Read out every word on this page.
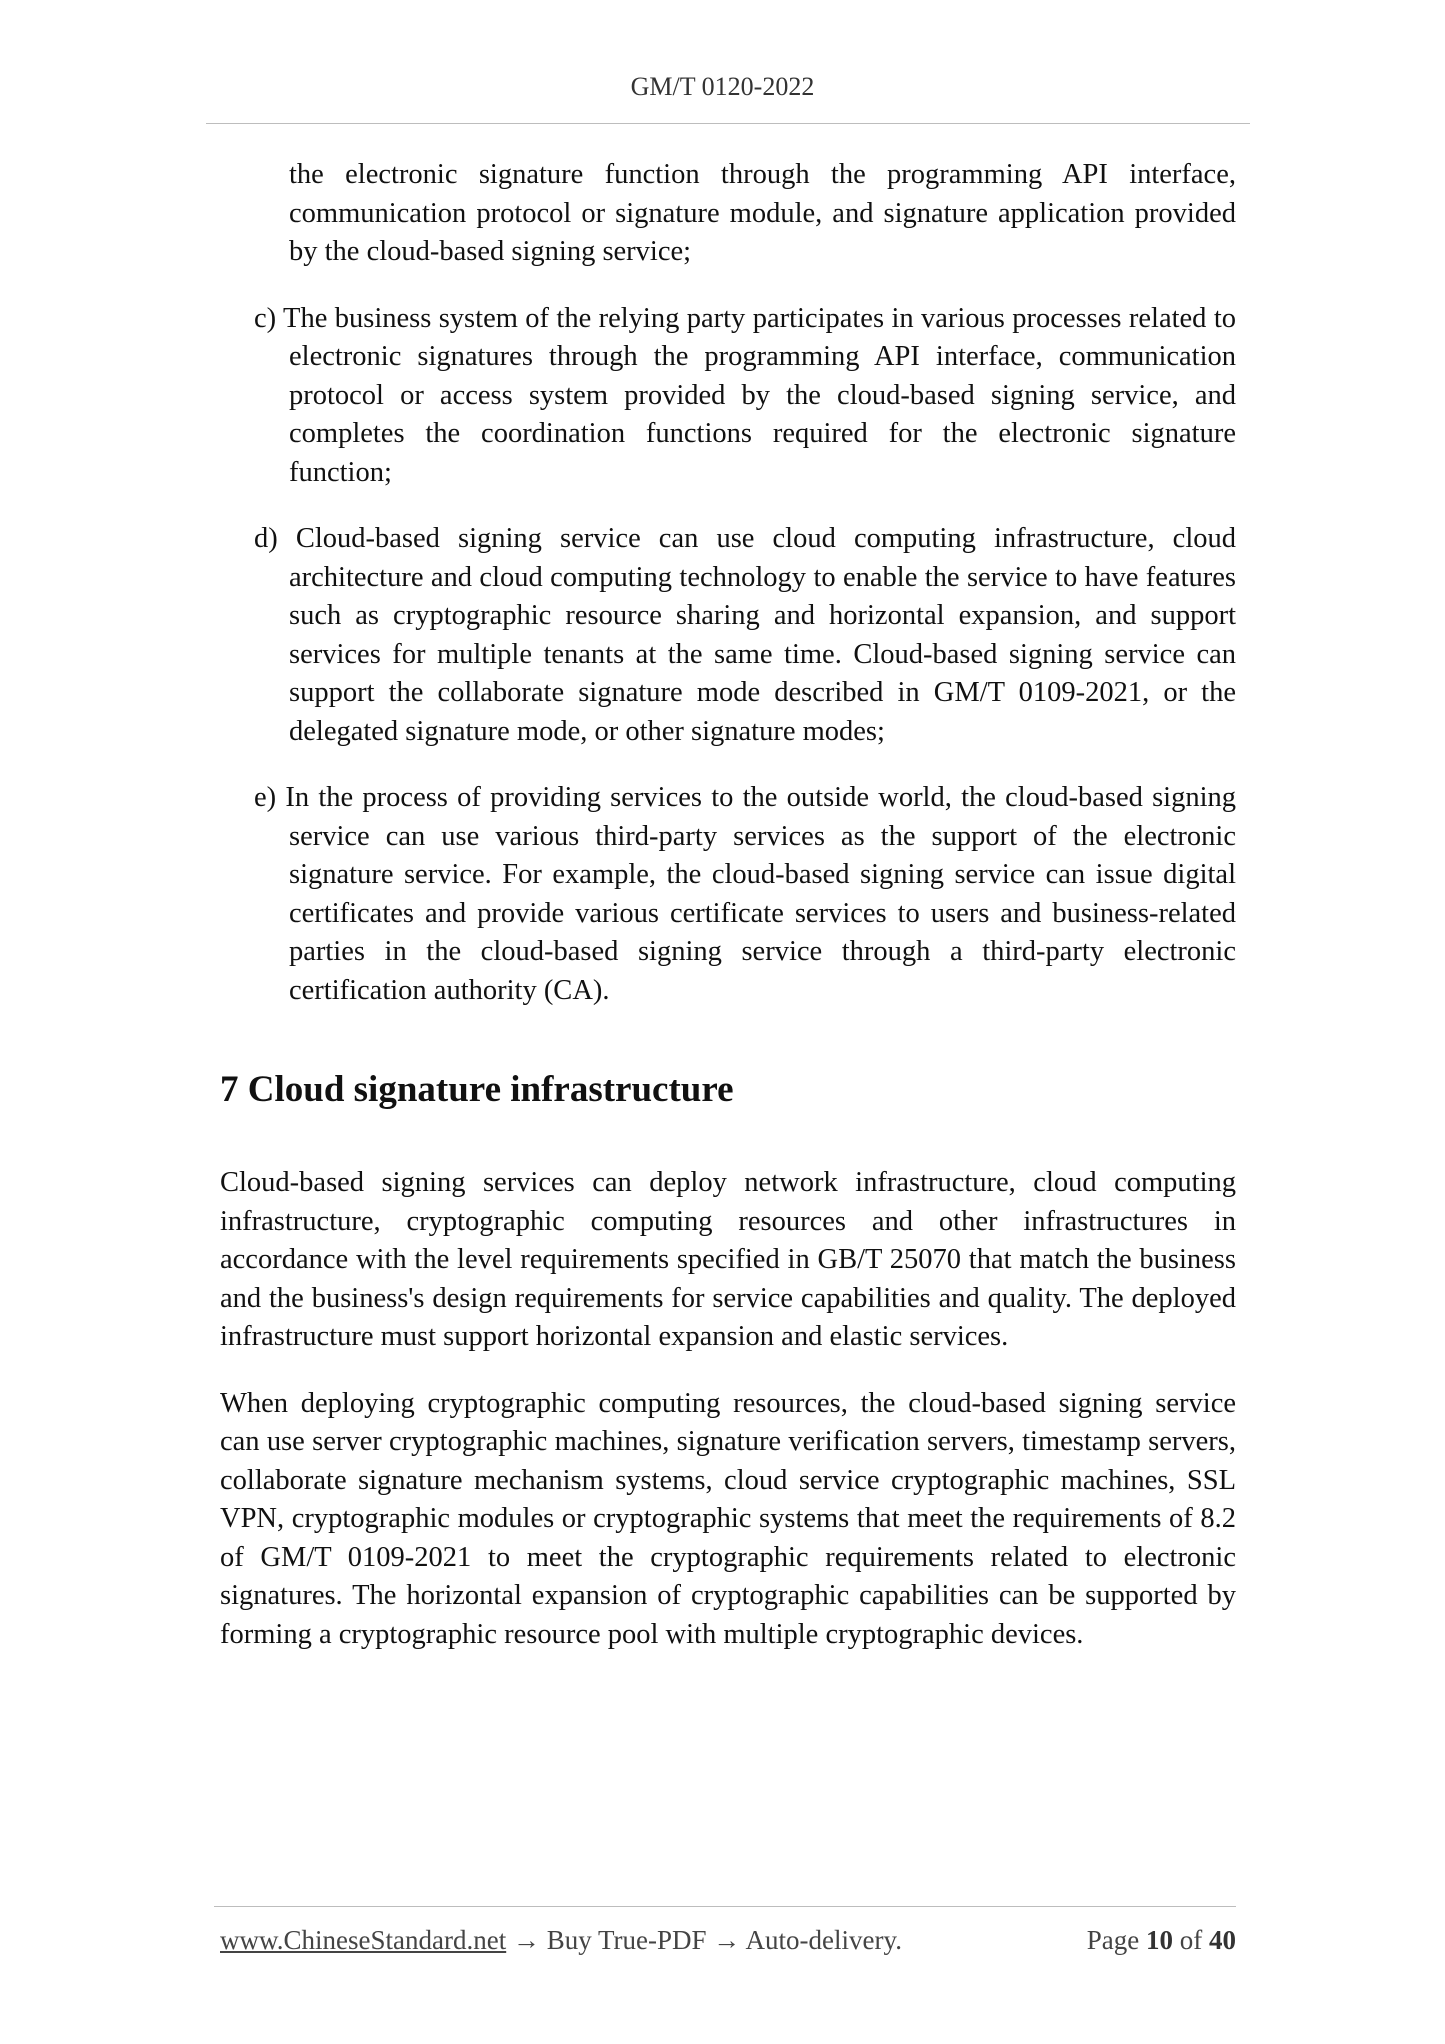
GM/T 0120-2022

the electronic signature function through the programming API interface, communication protocol or signature module, and signature application provided by the cloud-based signing service;

c) The business system of the relying party participates in various processes related to electronic signatures through the programming API interface, communication protocol or access system provided by the cloud-based signing service, and completes the coordination functions required for the electronic signature function;

d) Cloud-based signing service can use cloud computing infrastructure, cloud architecture and cloud computing technology to enable the service to have features such as cryptographic resource sharing and horizontal expansion, and support services for multiple tenants at the same time. Cloud-based signing service can support the collaborate signature mode described in GM/T 0109-2021, or the delegated signature mode, or other signature modes;

e) In the process of providing services to the outside world, the cloud-based signing service can use various third-party services as the support of the electronic signature service. For example, the cloud-based signing service can issue digital certificates and provide various certificate services to users and business-related parties in the cloud-based signing service through a third-party electronic certification authority (CA).

7 Cloud signature infrastructure

Cloud-based signing services can deploy network infrastructure, cloud computing infrastructure, cryptographic computing resources and other infrastructures in accordance with the level requirements specified in GB/T 25070 that match the business and the business's design requirements for service capabilities and quality. The deployed infrastructure must support horizontal expansion and elastic services.

When deploying cryptographic computing resources, the cloud-based signing service can use server cryptographic machines, signature verification servers, timestamp servers, collaborate signature mechanism systems, cloud service cryptographic machines, SSL VPN, cryptographic modules or cryptographic systems that meet the requirements of 8.2 of GM/T 0109-2021 to meet the cryptographic requirements related to electronic signatures. The horizontal expansion of cryptographic capabilities can be supported by forming a cryptographic resource pool with multiple cryptographic devices.

www.ChineseStandard.net → Buy True-PDF → Auto-delivery.	Page 10 of 40
